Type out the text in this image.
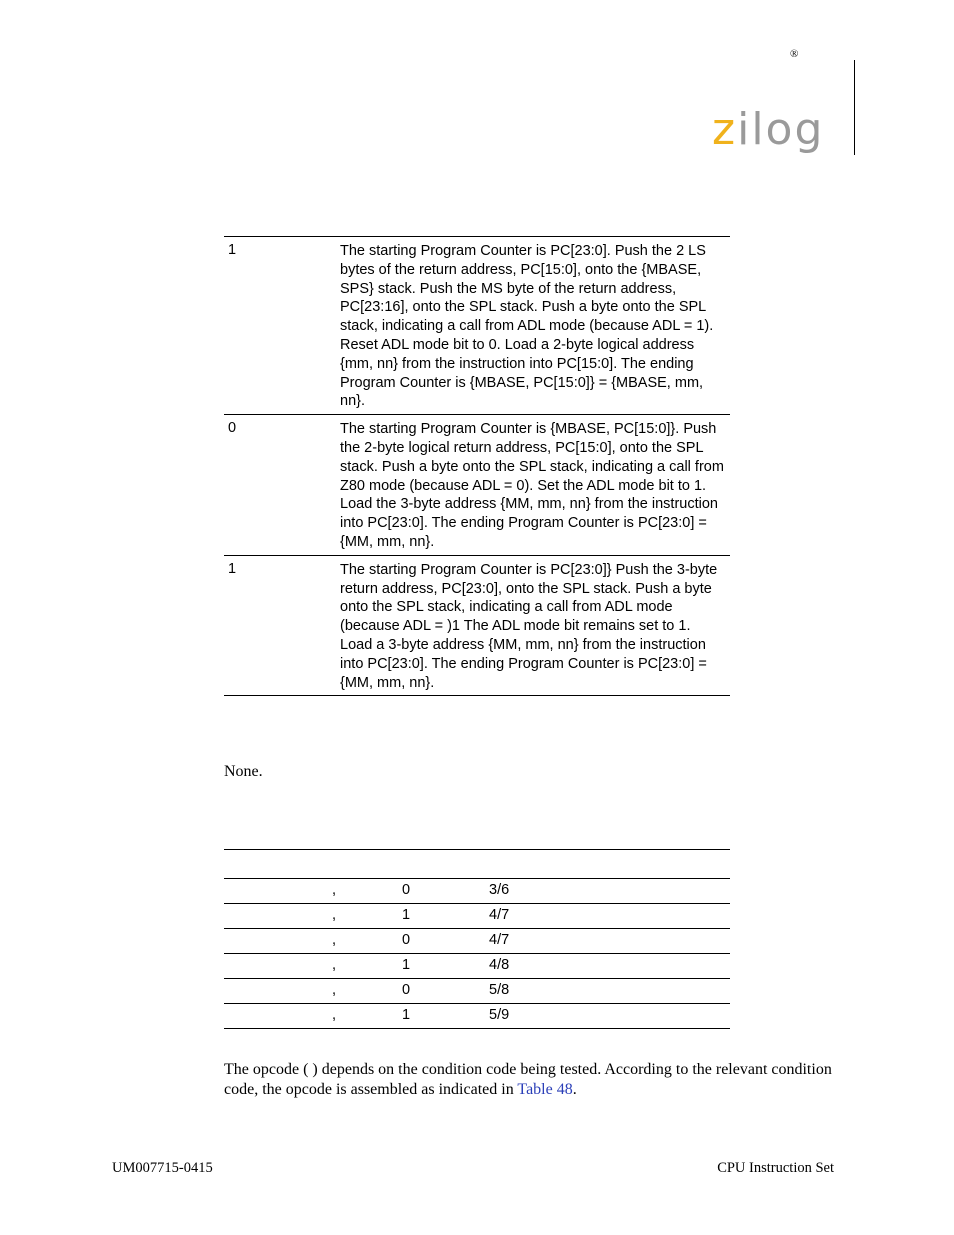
®
zilog
1	The starting Program Counter is PC[23:0]. Push the 2 LS bytes of the return address, PC[15:0], onto the {MBASE, SPS} stack. Push the MS byte of the return address, PC[23:16], onto the SPL stack. Push a byte onto the SPL stack, indicating a call from ADL mode (because ADL = 1). Reset ADL mode bit to 0. Load a 2-byte logical address {mm, nn} from the instruction into PC[15:0]. The ending Program Counter is {MBASE, PC[15:0]} = {MBASE, mm, nn}.
0	The starting Program Counter is {MBASE, PC[15:0]}. Push the 2-byte logical return address, PC[15:0], onto the SPL stack. Push a byte onto the SPL stack, indicating a call from Z80 mode (because ADL = 0). Set the ADL mode bit to 1. Load the 3-byte address {MM, mm, nn} from the instruction into PC[23:0]. The ending Program Counter is PC[23:0] = {MM, mm, nn}.
1	The starting Program Counter is PC[23:0]} Push the 3-byte return address, PC[23:0], onto the SPL stack. Push a byte onto the SPL stack, indicating a call from ADL mode (because ADL = )1 The ADL mode bit remains set to 1. Load a 3-byte address {MM, mm, nn} from the instruction into PC[23:0]. The ending Program Counter is PC[23:0] = {MM, mm, nn}.
None.
,	0	3/6
,	1	4/7
,	0	4/7
,	1	4/8
,	0	5/8
,	1	5/9
The opcode ( ) depends on the condition code being tested. According to the relevant condition code, the opcode is assembled as indicated in Table 48.
UM007715-0415	CPU Instruction Set
